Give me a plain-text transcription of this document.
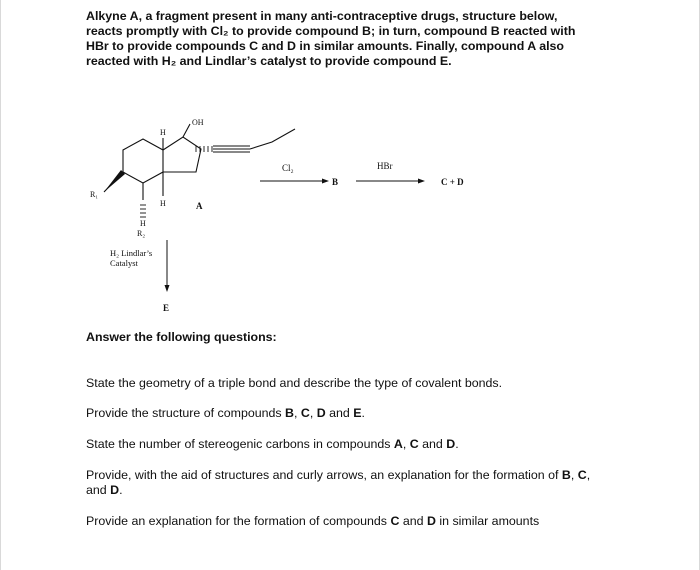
Alkyne A, a fragment present in many anti-contraceptive drugs, structure below,

reacts promptly with Cl₂ to provide compound B; in turn, compound B reacted with

HBr to provide compounds C and D in similar amounts. Finally, compound A also

reacted with H₂ and Lindlar’s catalyst to provide compound E.

OH
H
H
H
R₁
R₂
A
Cl₂
B
HBr
C + D
H₂ Lindlar’s
Catalyst
E
Answer the following questions:
State the geometry of a triple bond and describe the type of covalent bonds.
Provide the structure of compounds B, C, D and E.
State the number of stereogenic carbons in compounds A, C and D.
Provide, with the aid of structures and curly arrows, an explanation for the formation of B, C,
and D.
Provide an explanation for the formation of compounds C and D in similar amounts
